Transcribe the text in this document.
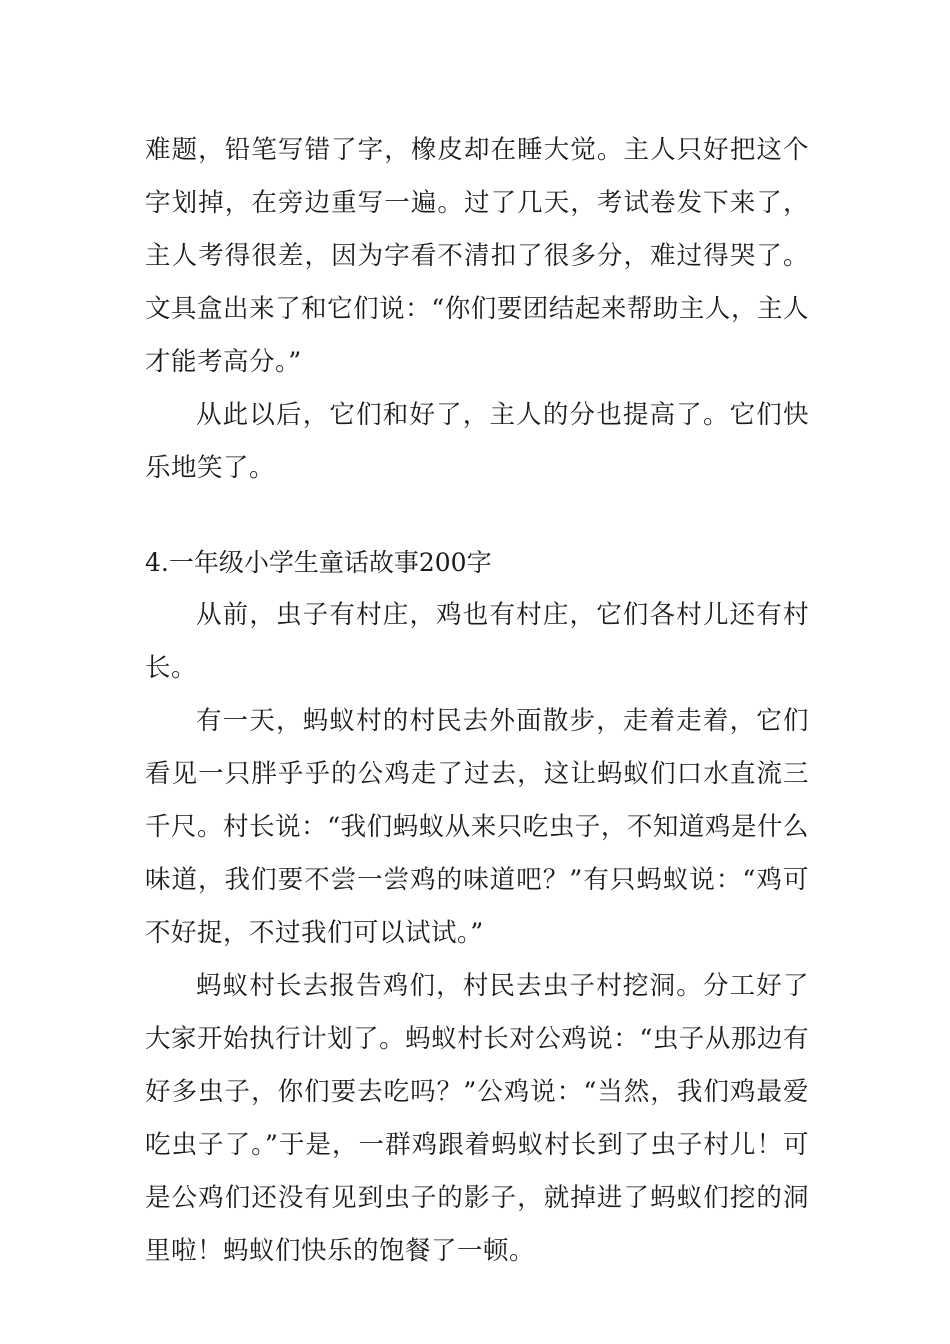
难题，铅笔写错了字，橡皮却在睡大觉。主人只好把这个字划掉，在旁边重写一遍。过了几天，考试卷发下来了，主人考得很差，因为字看不清扣了很多分，难过得哭了。文具盒出来了和它们说：“你们要团结起来帮助主人，主人才能考高分。”

从此以后，它们和好了，主人的分也提高了。它们快乐地笑了。

4.一年级小学生童话故事200字

从前，虫子有村庄，鸡也有村庄，它们各村儿还有村长。

有一天，蚂蚁村的村民去外面散步，走着走着，它们看见一只胖乎乎的公鸡走了过去，这让蚂蚁们口水直流三千尺。村长说：“我们蚂蚁从来只吃虫子，不知道鸡是什么味道，我们要不尝一尝鸡的味道吧？”有只蚂蚁说：“鸡可不好捉，不过我们可以试试。”

蚂蚁村长去报告鸡们，村民去虫子村挖洞。分工好了大家开始执行计划了。蚂蚁村长对公鸡说：“虫子从那边有好多虫子，你们要去吃吗？”公鸡说：“当然，我们鸡最爱吃虫子了。”于是，一群鸡跟着蚂蚁村长到了虫子村儿！可是公鸡们还没有见到虫子的影子，就掉进了蚂蚁们挖的洞里啦！蚂蚁们快乐的饱餐了一顿。
